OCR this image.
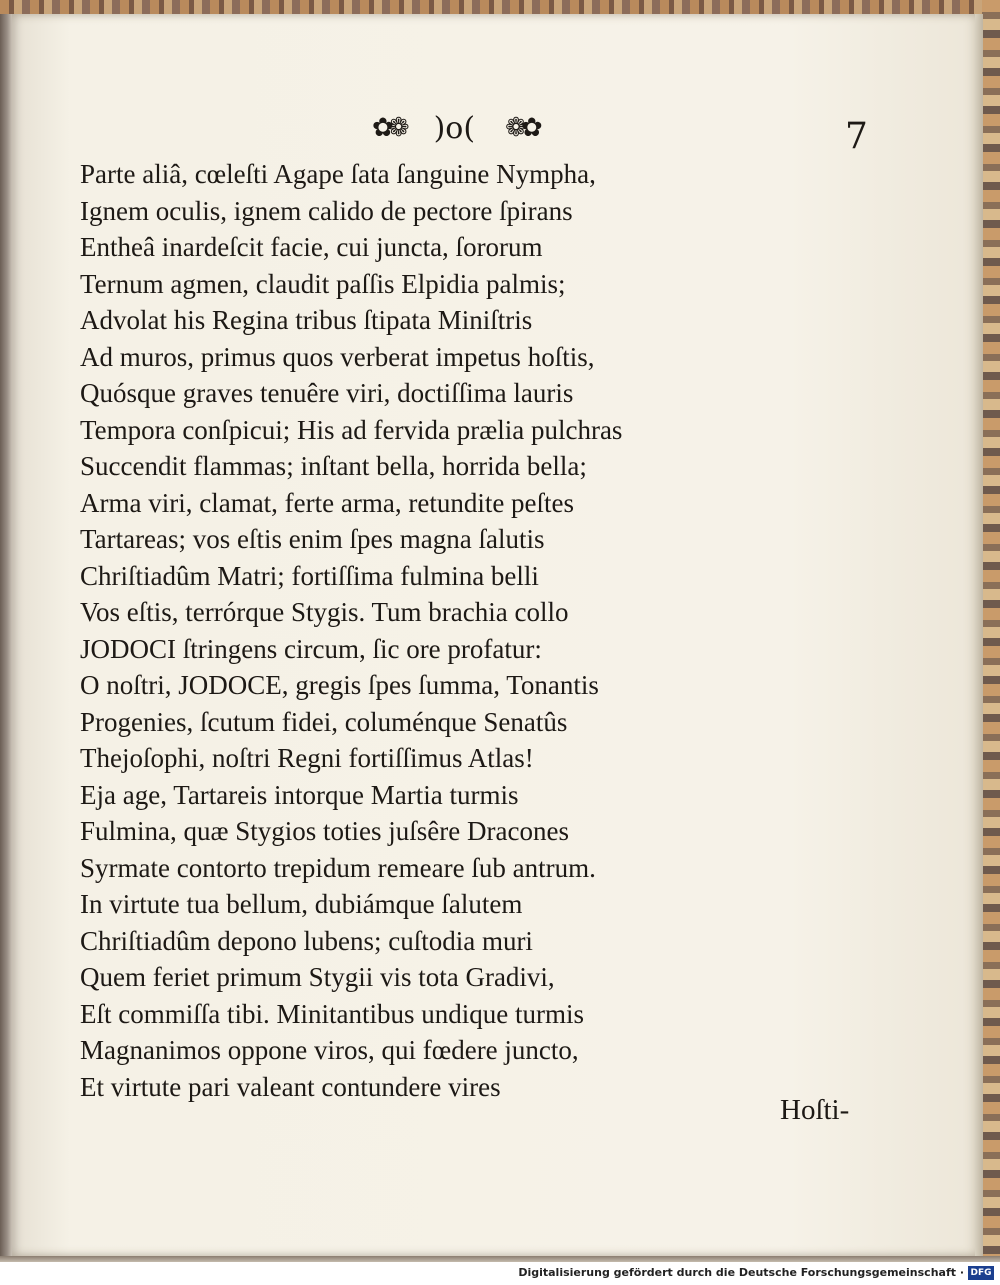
✿❁ )o( ❁✿	7
Parte aliâ, cœleſti Agape ſata ſanguine Nympha,
Ignem oculis, ignem calido de pectore ſpirans
Entheâ inardeſcit facie, cui juncta, ſororum
Ternum agmen, claudit paſſis Elpidia palmis;
Advolat his Regina tribus ſtipata Miniſtris
Ad muros, primus quos verberat impetus hoſtis,
Quósque graves tenuêre viri, doctiſſima lauris
Tempora conſpicui; His ad fervida prælia pulchras
Succendit flammas; inſtant bella, horrida bella;
Arma viri, clamat, ferte arma, retundite peſtes
Tartareas; vos eſtis enim ſpes magna ſalutis
Chriſtiadûm Matri; fortiſſima fulmina belli
Vos eſtis, terrórque Stygis. Tum brachia collo
JODOCI ſtringens circum, ſic ore profatur:
O noſtri, JODOCE, gregis ſpes ſumma, Tonantis
Progenies, ſcutum fidei, columénque Senatûs
Thejoſophi, noſtri Regni fortiſſimus Atlas!
Eja age, Tartareis intorque Martia turmis
Fulmina, quæ Stygios toties juſsêre Dracones
Syrmate contorto trepidum remeare ſub antrum.
In virtute tua bellum, dubiámque ſalutem
Chriſtiadûm depono lubens; cuſtodia muri
Quem feriet primum Stygii vis tota Gradivi,
Eſt commiſſa tibi. Minitantibus undique turmis
Magnanimos oppone viros, qui fœdere juncto,
Et virtute pari valeant contundere vires
Hoſti-
Digitalisierung gefördert durch die Deutsche Forschungsgemeinschaft · DFG
